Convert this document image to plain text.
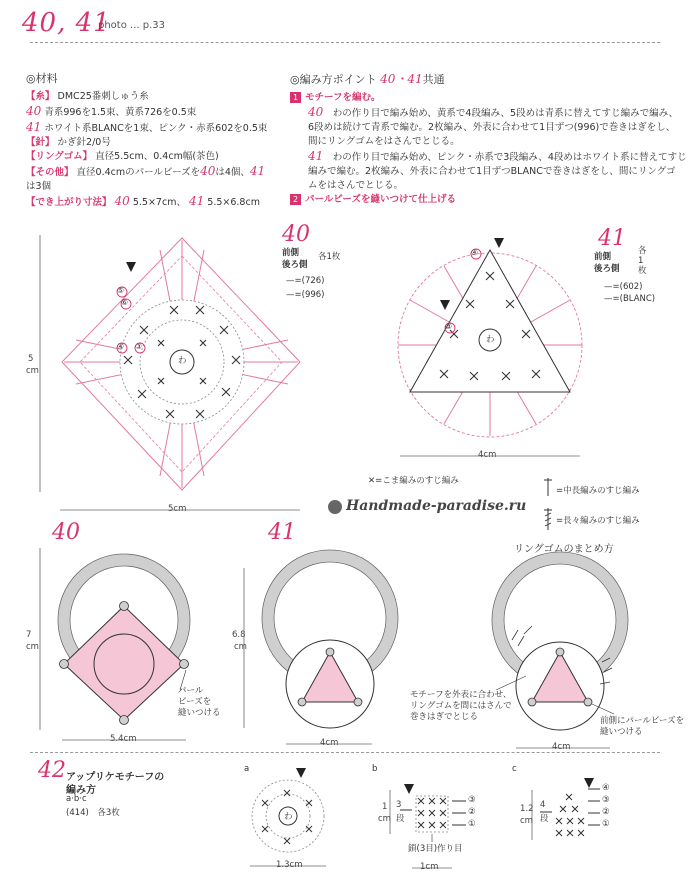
40, 41
photo ... p.33
◎材料
【糸】 DMC25番刺しゅう糸
40 青系996を1.5束、黄系726を0.5束
41 ホワイト系BLANCを1束、ピンク・赤系602を0.5束
【針】 かぎ針2/0号
【リングゴム】 直径5.5cm、0.4cm幅(茶色)
【その他】 直径0.4cmのパールビーズを40は4個、41
は3個
【でき上がり寸法】 40 5.5×7cm、 41 5.5×6.8cm
◎編み方ポイント 40・41共通
1 モチーフを編む。
40　 わの作り目で編み始め、黄系で4段編み、5段めは青系に替えてすじ編みで編み、
6段めは続けて青系で編む。2枚編み、外表に合わせて1目ずつ(996)で巻きはぎをし、
間にリングゴムをはさんでとじる。
41　 わの作り目で編み始め、ピンク・赤系で3段編み、4段めはホワイト系に替えてすじ
編みで編む。2枚編み、外表に合わせて1目ずつBLANCで巻きはぎをし、間にリングゴ
ムをはさんでとじる。
2 パールビーズを縫いつけて仕上げる
40
前側
後ろ側
各1枚
—=(726)
—=(996)
5
cm
5cm
わ
⑤
⑥
④ ③
41
前側
後ろ側
各1枚
—=(602)
—=(BLANC)
4cm
わ
④
③
✕=こま編みのすじ編み
=中長編みのすじ編み
=長々編みのすじ編み
Handmade-paradise.ru
40
7
cm
5.4cm
パール
ビーズを
縫いつける
41
6.8
cm
4cm
リングゴムのまとめ方
モチーフを外表に合わせ、
リングゴムを間にはさんで
巻きはぎでとじる	前側にパールビーズを
縫いつける
4cm
42 アップリケモチーフの
編み方
a·b·c
(414)　各3枚
a
わ
1.3cm
b
1
cm
3
段
③
②
①
鎖(3目)作り目
1cm
c
1.2
cm
4
段
④
③
②
①
